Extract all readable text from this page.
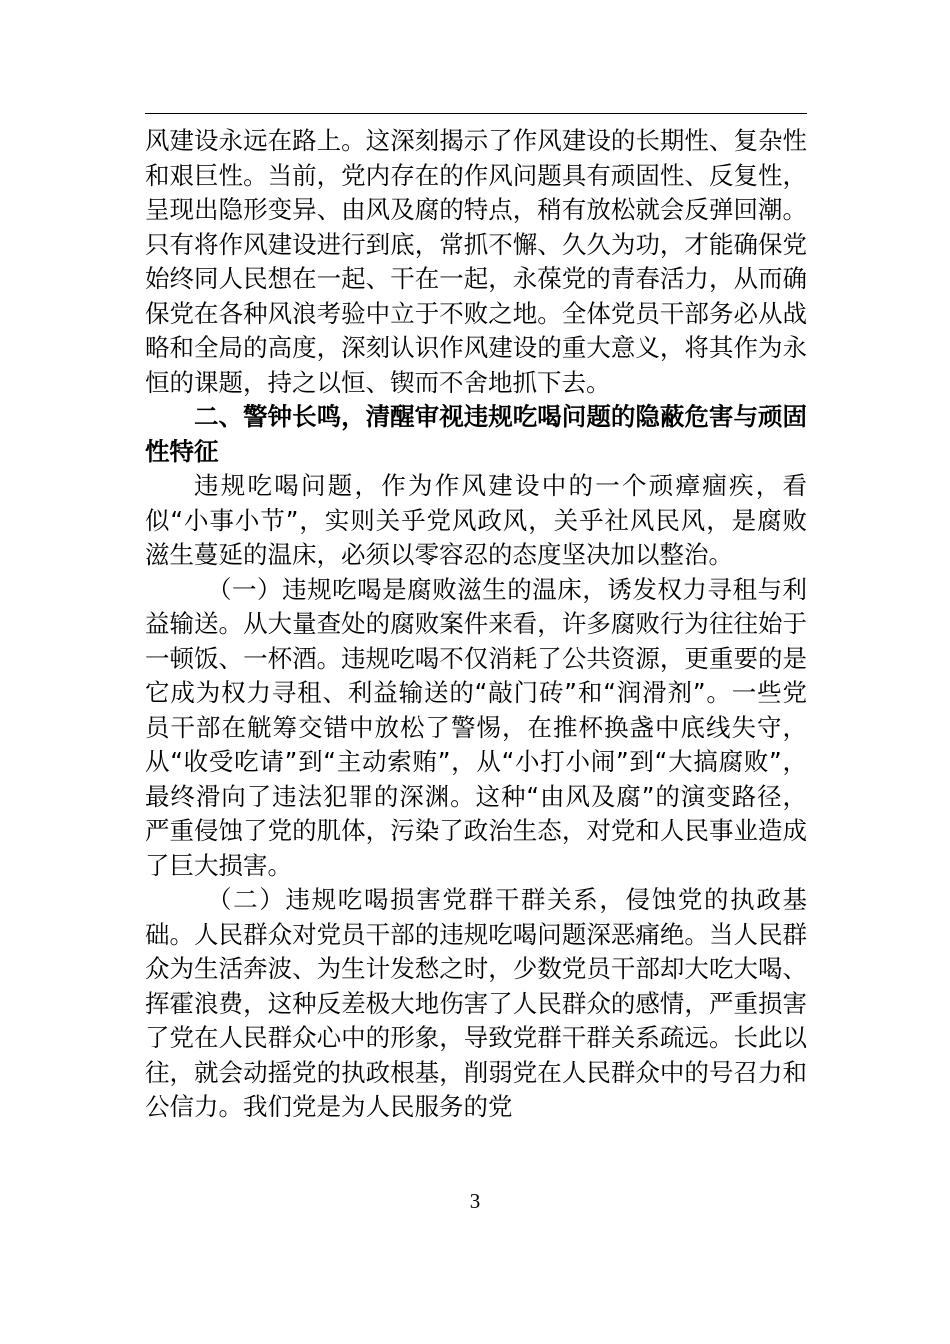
风建设永远在路上。这深刻揭示了作风建设的长期性、复杂性和艰巨性。当前，党内存在的作风问题具有顽固性、反复性，呈现出隐形变异、由风及腐的特点，稍有放松就会反弹回潮。只有将作风建设进行到底，常抓不懈、久久为功，才能确保党始终同人民想在一起、干在一起，永葆党的青春活力，从而确保党在各种风浪考验中立于不败之地。全体党员干部务必从战略和全局的高度，深刻认识作风建设的重大意义，将其作为永恒的课题，持之以恒、锲而不舍地抓下去。

二、警钟长鸣，清醒审视违规吃喝问题的隐蔽危害与顽固性特征

违规吃喝问题，作为作风建设中的一个顽瘴痼疾，看似“小事小节”，实则关乎党风政风，关乎社风民风，是腐败滋生蔓延的温床，必须以零容忍的态度坚决加以整治。

（一）违规吃喝是腐败滋生的温床，诱发权力寻租与利益输送。从大量查处的腐败案件来看，许多腐败行为往往始于一顿饭、一杯酒。违规吃喝不仅消耗了公共资源，更重要的是它成为权力寻租、利益输送的“敲门砖”和“润滑剂”。一些党员干部在觥筹交错中放松了警惕，在推杯换盏中底线失守，从“收受吃请”到“主动索贿”，从“小打小闹”到“大搞腐败”，最终滑向了违法犯罪的深渊。这种“由风及腐”的演变路径，严重侵蚀了党的肌体，污染了政治生态，对党和人民事业造成了巨大损害。

（二）违规吃喝损害党群干群关系，侵蚀党的执政基础。人民群众对党员干部的违规吃喝问题深恶痛绝。当人民群众为生活奔波、为生计发愁之时，少数党员干部却大吃大喝、挥霍浪费，这种反差极大地伤害了人民群众的感情，严重损害了党在人民群众心中的形象，导致党群干群关系疏远。长此以往，就会动摇党的执政根基，削弱党在人民群众中的号召力和公信力。我们党是为人民服务的党

3
